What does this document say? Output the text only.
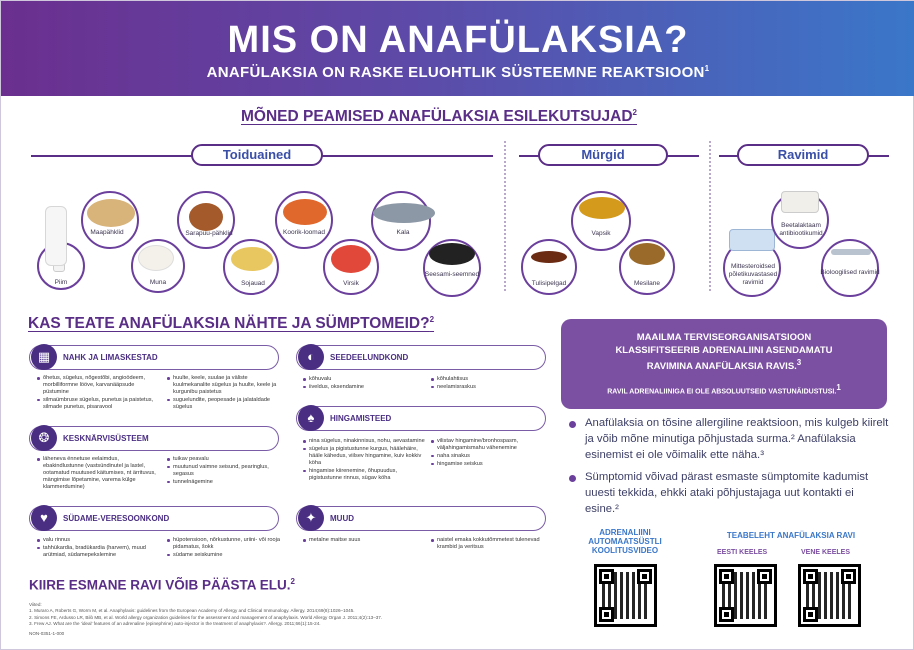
MIS ON ANAFÜLAKSIA?
ANAFÜLAKSIA ON RASKE ELUOHTLIK SÜSTEEMNE REAKTSIOON$^1$
MÕNED PEAMISED ANAFÜLAKSIA ESILEKUTSUJAD$^2$
Toiduained	Mürgid	Ravimid
Piim
Maapähklid
Muna
Sarapuu-pähklid
Sojauad
Koorik-loomad
Virsik
Kala
Seesami-seemned
Tulisipelgad
Vapsik
Mesilane
Mittesteroidsed põletikuvastased ravimid
Beetalaktaam antibiootikumid
Bioloogilised ravimid
KAS TEATE ANAFÜLAKSIA NÄHTE JA SÜMPTOMEID?$^2$
▦	NAHK JA LIMASKESTAD
õhetus, sügelus, nõgestõbi, angioödeem, morbilliformne lööve, karvanääpsude püstumine
silmaümbruse sügelus, punetus ja paistetus, silmade punetus, pisaravool
huulte, keele, suulae ja väliste kuulmekanalite sügelus ja huulte, keele ja kurgunibu paistetus
suguelundite, peopesade ja jalataldade sügelus
❂	KESKNÄRVISÜSTEEM
läheneva ënnetuse eelaimdus, ebakindlustunne (vastsündinutel ja lastel, ootamatud muutused käitumises, nt ärrituvus, mängimise lõpetamine, varema külge klammerdumine)
tuikav peavalu
muutunud vaimne seisund, pearinglus, segasus
tunnelnägemine
♥	SÜDAME-VERESOONKOND
valu rinnus
tahhükardia, bradükardia (harvem), muud arütmiad, südamepekslemine
hüpotensioon, nõrkustunne, uriini- või rooja pidamatus, šokk
südame seiskumine
◐	SEEDEELUNDKOND
kõhuvalu
iiveldus, oksendamine
kõhulahtisus
neelamisraskus
♠	HINGAMISTEED
nina sügelus, ninakinnisus, nohu, aevastamine
sügelus ja pigistustunne kurgus, häälehäire, hääle kähedus, viilsev hingamine, kuiv kokkiv köha
hingamise kiirenemine, õhupuudus, pigistustunne rinnus, sügav köha
vilistav hingamine/bronhospasm, väljahingamismahu vähenemine
naha sinakus
hingamise seiskus
✦	MUUD
metalne maitse suus	naistel emaka kokkutõmmetest tulenevad krambid ja veritsus
KIIRE ESMANE RAVI VÕIB PÄÄSTA ELU.$^2$
MAAILMA TERVISEORGANISATSIOON
KLASSIFITSEERIB ADRENALIINI ASENDAMATU
RAVIMINA ANAFÜLAKSIA RAVIS.$^3$
RAVIL ADRENALIINIGA EI OLE ABSOLUUTSEID VASTUNÄIDUSTUSI.1
Anafülaksia on tõsine allergiline reaktsioon, mis kulgeb kiirelt ja võib mõne minutiga põhjustada surma.² Anafülaksia esinemist ei ole võimalik ette näha.³
Sümptomid võivad pärast esmaste sümptomite kadumist uuesti tekkida, ehkki ataki põhjustajaga uut kontakti ei esine.²
ADRENALIINI AUTOMAATSÜSTLI KOOLITUSVIDEO
TEABELEHT ANAFÜLAKSIA RAVI
EESTI KEELES	VENE KEELES
Viited:
1. Muraro A, Roberts G, Worm M, et al. Anaphylaxis: guidelines from the European Academy of Allergy and Clinical Immunology. Allergy. 2014;69(8):1026–1045.
2. Simons FE, Ardusso LR, Bilò MB, et al. World allergy organization guidelines for the assessment and management of anaphylaxis. World Allergy Organ J. 2011;4(2):13–37.
3. Frew AJ. What are the ‘ideal’ features of an adrenaline (epinephrine) auto-injector in the treatment of anaphylaxis?. Allergy. 2011;66(1):15-24.
NON-0351-1-000
